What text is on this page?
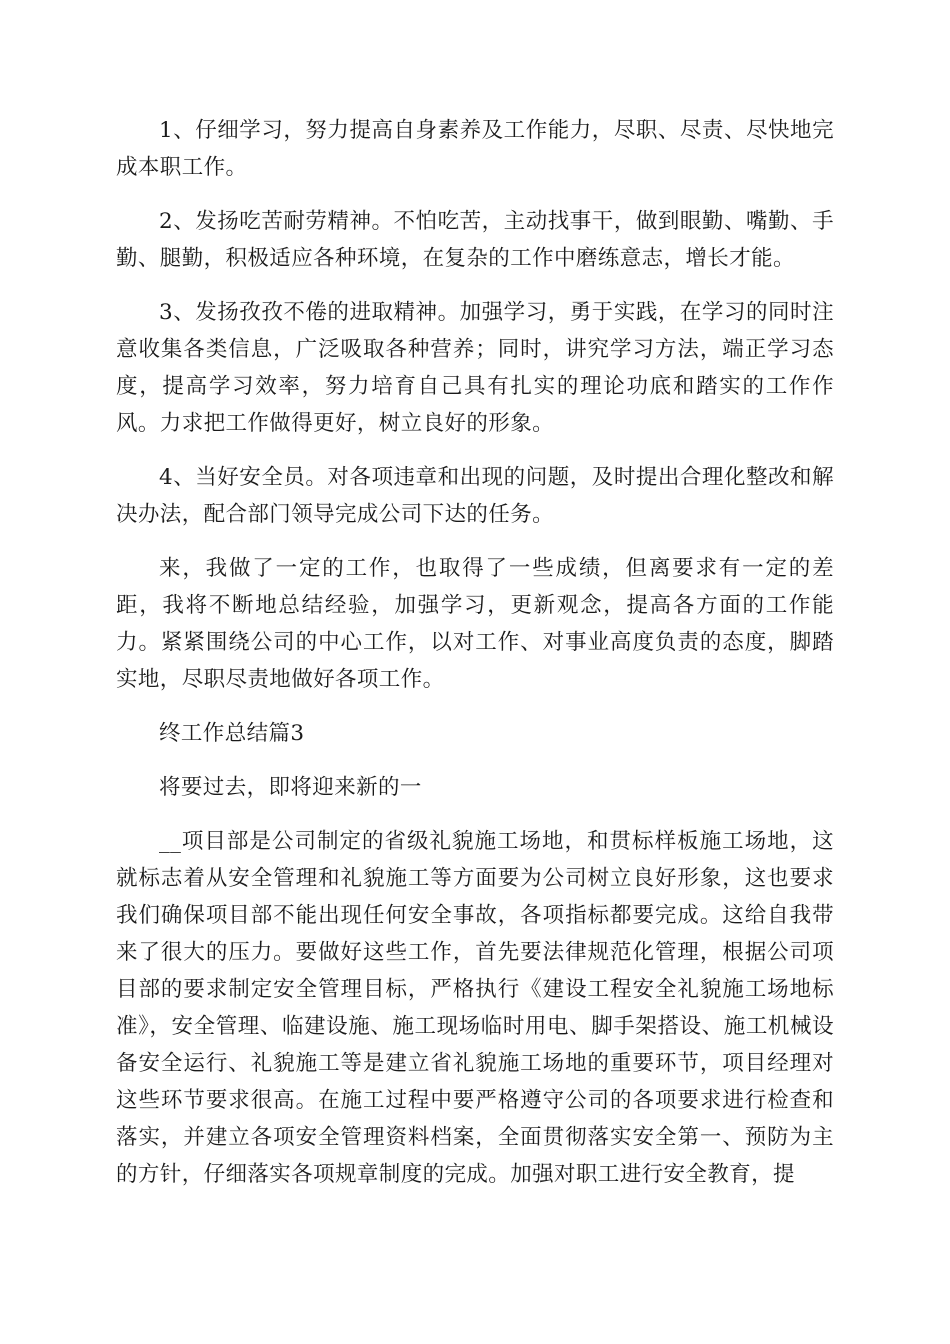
1、仔细学习，努力提高自身素养及工作能力，尽职、尽责、尽快地完成本职工作。

2、发扬吃苦耐劳精神。不怕吃苦，主动找事干，做到眼勤、嘴勤、手勤、腿勤，积极适应各种环境，在复杂的工作中磨练意志，增长才能。

3、发扬孜孜不倦的进取精神。加强学习，勇于实践，在学习的同时注意收集各类信息，广泛吸取各种营养；同时，讲究学习方法，端正学习态度，提高学习效率，努力培育自己具有扎实的理论功底和踏实的工作作风。力求把工作做得更好，树立良好的形象。

4、当好安全员。对各项违章和出现的问题，及时提出合理化整改和解决办法，配合部门领导完成公司下达的任务。

来，我做了一定的工作，也取得了一些成绩，但离要求有一定的差距，我将不断地总结经验，加强学习，更新观念，提高各方面的工作能力。紧紧围绕公司的中心工作，以对工作、对事业高度负责的态度，脚踏实地，尽职尽责地做好各项工作。

终工作总结篇3

将要过去，即将迎来新的一

__项目部是公司制定的省级礼貌施工场地，和贯标样板施工场地，这就标志着从安全管理和礼貌施工等方面要为公司树立良好形象，这也要求我们确保项目部不能出现任何安全事故，各项指标都要完成。这给自我带来了很大的压力。要做好这些工作，首先要法律规范化管理，根据公司项目部的要求制定安全管理目标，严格执行《建设工程安全礼貌施工场地标准》，安全管理、临建设施、施工现场临时用电、脚手架搭设、施工机械设备安全运行、礼貌施工等是建立省礼貌施工场地的重要环节，项目经理对这些环节要求很高。在施工过程中要严格遵守公司的各项要求进行检查和落实，并建立各项安全管理资料档案，全面贯彻落实安全第一、预防为主的方针，仔细落实各项规章制度的完成。加强对职工进行安全教育，提
